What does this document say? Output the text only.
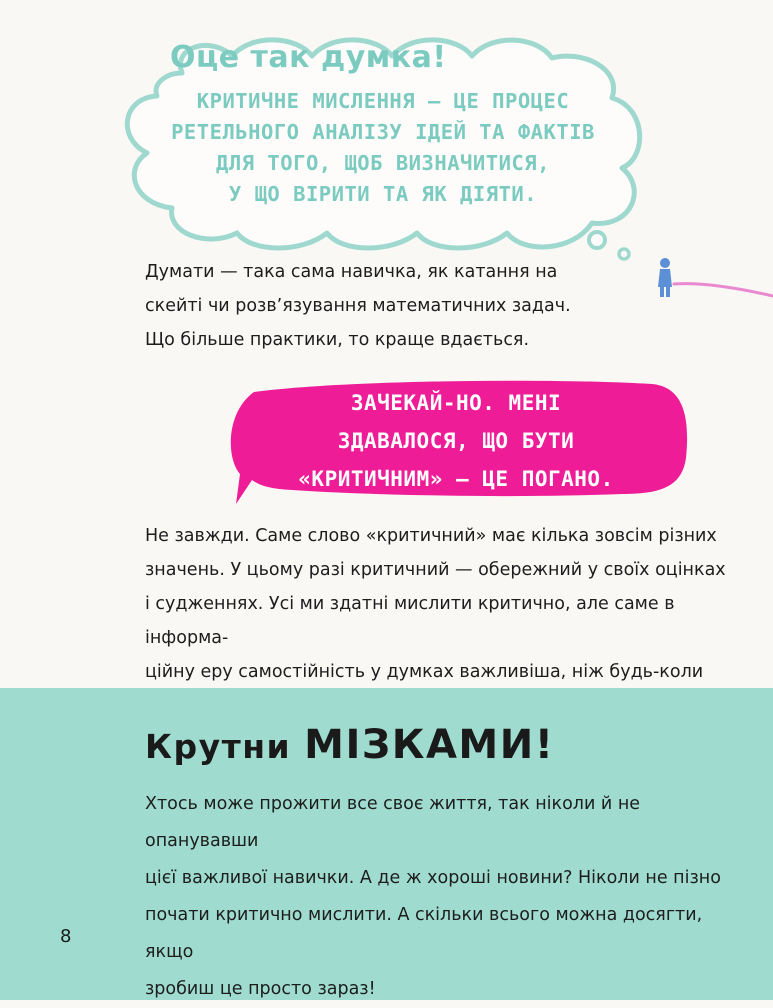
Оце так думка!
КРИТИЧНЕ МИСЛЕННЯ — ЦЕ ПРОЦЕС
РЕТЕЛЬНОГО АНАЛІЗУ ІДЕЙ ТА ФАКТІВ
ДЛЯ ТОГО, ЩОБ ВИЗНАЧИТИСЯ,
У ЩО ВІРИТИ ТА ЯК ДІЯТИ.
Думати — така сама навичка, як катання на
скейті чи розв’язування математичних задач.
Що більше практики, то краще вдається.
ЗАЧЕКАЙ-НО. МЕНІ
ЗДАВАЛОСЯ, ЩО БУТИ
«КРИТИЧНИМ» — ЦЕ ПОГАНО.
Не завжди. Саме слово «критичний» має кілька зовсім різних
значень. У цьому разі критичний — обережний у своїх оцінках
і судженнях. Усі ми здатні мислити критично, але саме в інформа-
ційну еру самостійність у думках важливіша, ніж будь-коли
Крутни МІЗКАМИ!
Хтось може прожити все своє життя, так ніколи й не опанувавши
цієї важливої навички. А де ж хороші новини? Ніколи не пізно
почати критично мислити. А скільки всього можна досягти, якщо
зробиш це просто зараз!
8
